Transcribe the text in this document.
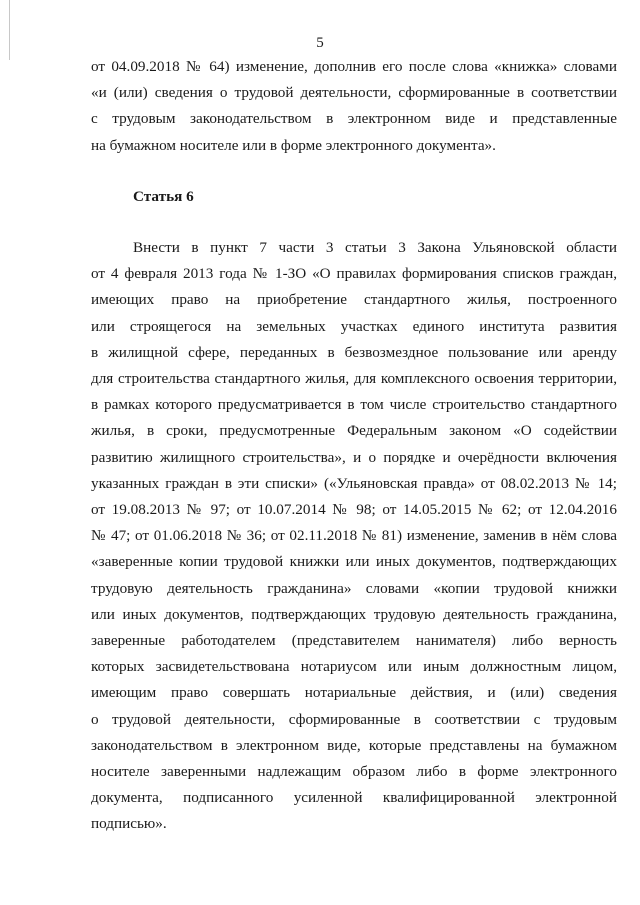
5
от 04.09.2018 № 64) изменение, дополнив его после слова «книжка» словами
«и (или) сведения о трудовой деятельности, сформированные в соответствии
с трудовым законодательством в электронном виде и представленные
на бумажном носителе или в форме электронного документа».
Статья 6
Внести в пункт 7 части 3 статьи 3 Закона Ульяновской области
от 4 февраля 2013 года № 1-ЗО «О правилах формирования списков граждан,
имеющих право на приобретение стандартного жилья, построенного
или строящегося на земельных участках единого института развития
в жилищной сфере, переданных в безвозмездное пользование или аренду
для строительства стандартного жилья, для комплексного освоения территории,
в рамках которого предусматривается в том числе строительство стандартного
жилья, в сроки, предусмотренные Федеральным законом «О содействии
развитию жилищного строительства», и о порядке и очерёдности включения
указанных граждан в эти списки» («Ульяновская правда» от 08.02.2013 № 14;
от 19.08.2013 № 97; от 10.07.2014 № 98; от 14.05.2015 № 62; от 12.04.2016
№ 47; от 01.06.2018 № 36; от 02.11.2018 № 81) изменение, заменив в нём слова
«заверенные копии трудовой книжки или иных документов, подтверждающих
трудовую деятельность гражданина» словами «копии трудовой книжки
или иных документов, подтверждающих трудовую деятельность гражданина,
заверенные работодателем (представителем нанимателя) либо верность
которых засвидетельствована нотариусом или иным должностным лицом,
имеющим право совершать нотариальные действия, и (или) сведения
о трудовой деятельности, сформированные в соответствии с трудовым
законодательством в электронном виде, которые представлены на бумажном
носителе заверенными надлежащим образом либо в форме электронного
документа, подписанного усиленной квалифицированной электронной
подписью».
